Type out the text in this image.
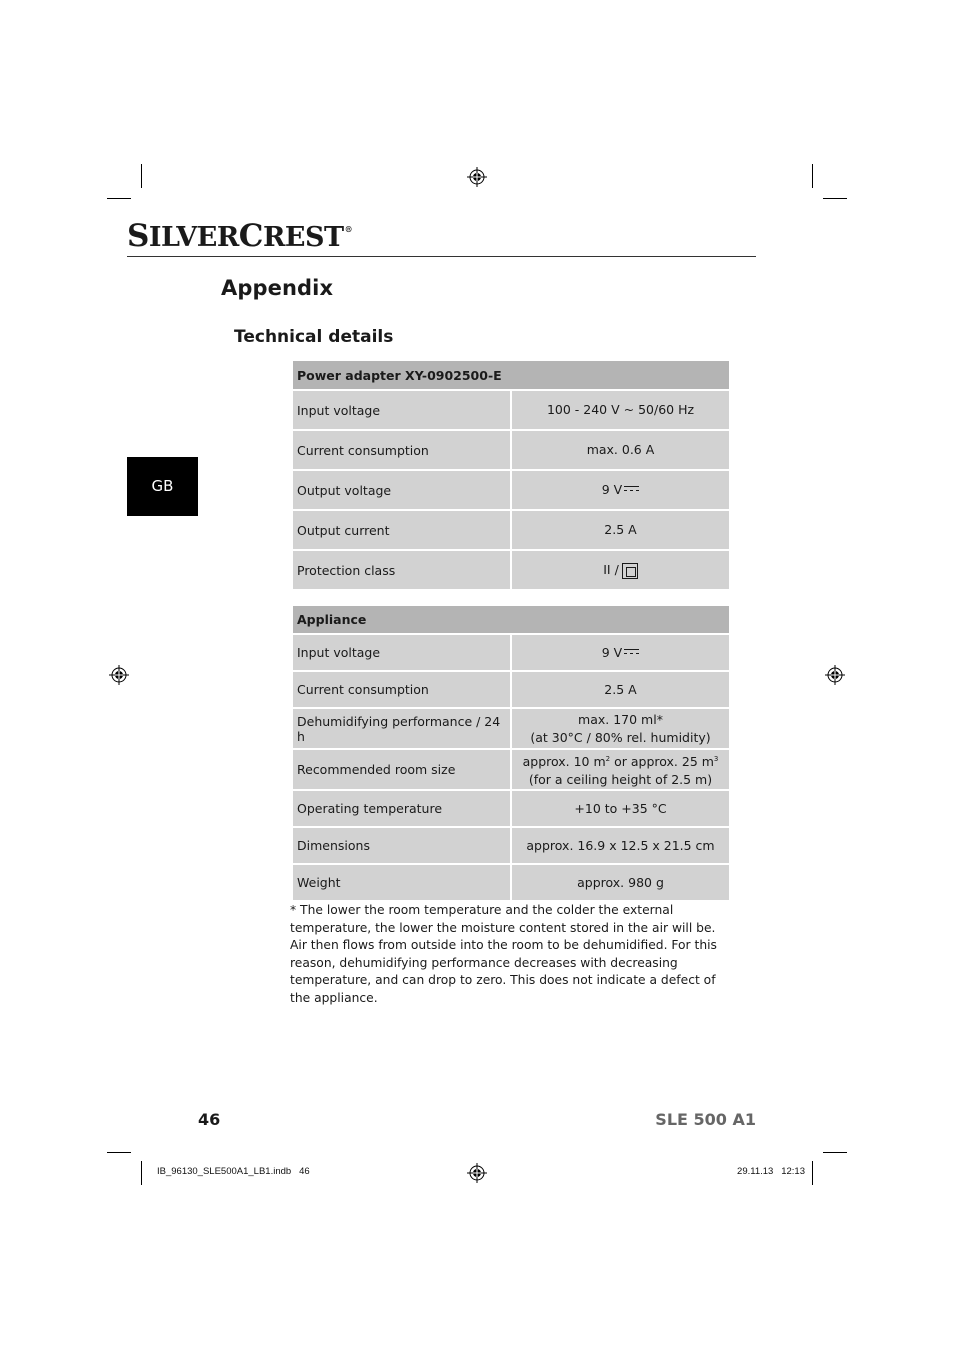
SILVERCREST®
Appendix
Technical details
GB
Power adapter XY-0902500-E	
Input voltage	100 - 240 V ~ 50/60 Hz
Current consumption	max. 0.6 A
Output voltage	9 V
Output current	2.5 A
Protection class	II /
Appliance	
Input voltage	9 V
Current consumption	2.5 A
Dehumidifying performance / 24 h	max. 170 ml*
(at 30°C / 80% rel. humidity)

Recommended room size	approx. 10 $m^2$ or approx. 25 $m^3$
(for a ceiling height of 2.5 m)

Operating temperature	+10 to +35 °C
Dimensions	approx. 16.9 x 12.5 x 21.5 cm
Weight	approx. 980 g
* The lower the room temperature and the colder the external temperature, the lower the moisture content stored in the air will be. Air then flows from outside into the room to be dehumidified. For this reason, dehumidifying performance decreases with decreasing temperature, and can drop to zero. This does not indicate a defect of the appliance.
46	SLE 500 A1
IB_96130_SLE500A1_LB1.indb   46	29.11.13   12:13
